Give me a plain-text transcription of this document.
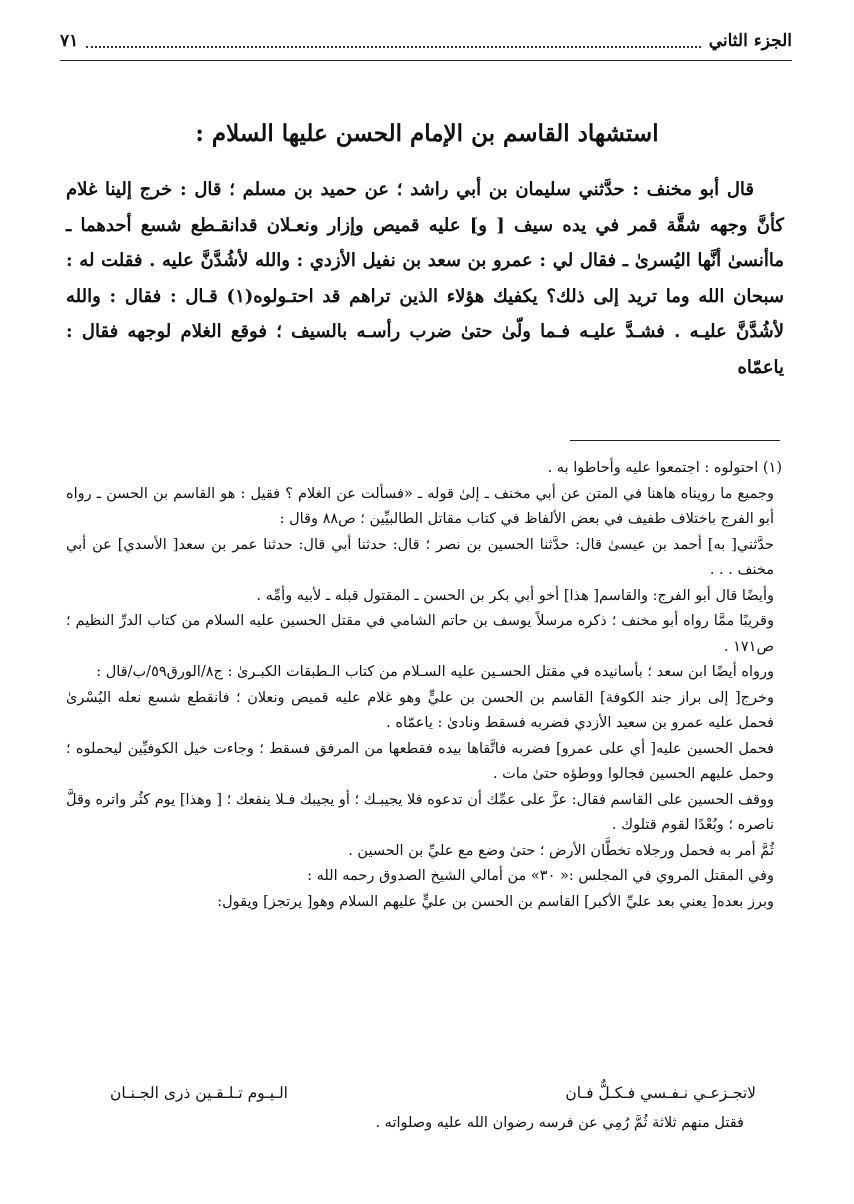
الجزء الثاني
٧١
استشهاد القاسم بن الإمام الحسن عليها السلام :

قال أبو مخنف : حدَّثني سليمان بن أبي راشد ؛ عن حميد بن مسلم ؛ قال : خرج إلينا غلام كأنَّ وجهه شقَّة قمر في يده سيف [ و] عليه قميص وإزار ونعـلان قدانقـطع شسع أحدهما ـ ماأنسىٰ أنَّها اليُسرىٰ ـ فقال لي : عمرو بن سعد بن نفيل الأزدي : والله لأشُدَّنَّ عليه . فقلت له : سبحان الله وما تريد إلى ذلك؟ يكفيك هؤلاء الذين تراهم قد احتـولوه(١) قـال : فقال : والله لأشُدَّنَّ عليـه . فشـدَّ عليـه فـما ولّىٰ حتىٰ ضرب رأسـه بالسيف ؛ فوقع الغلام لوجهه فقال : ياعمّاه

(١) احتولوه : اجتمعوا عليه وأحاطوا به .

وجميع ما رويناه هاهنا في المتن عن أبي مخنف ـ إلىٰ قوله ـ «فسألت عن الغلام ؟ فقيل : هو القاسم بن الحسن ـ رواه أبو الفرج باختلاف طفيف في بعض الألفاظ في كتاب مقاتل الطالبيِّين ؛ ص٨٨ وقال :

حدَّثني[ به] أحمد بن عيسىٰ قال: حدَّثنا الحسين بن نصر ؛ قال: حدثنا أبي قال: حدثنا عمر بن سعد[ الأسدي] عن أبي مخنف . . .

وأيضًا قال أبو الفرج: والقاسم[ هذا] أخو أبي بكر بن الحسن ـ المقتول قبله ـ لأبيه وأمِّه .

وقريبًا ممَّا رواه أبو مخنف ؛ ذكره مرسلاً يوسف بن حاتم الشامي في مقتل الحسين عليه السلام من كتاب الدرِّ النظيم ؛ ص١٧١ .

ورواه أيضًا ابن سعد ؛ بأسانيده في مقتل الحسـين عليه السـلام من كتاب الـطبقات الكبـرىٰ : ج٨/الورق٥٩/ب/قال :

وخرج[ إلى براز جند الكوفة] القاسم بن الحسن بن عليٍّ وهو غلام عليه قميص ونعلان ؛ فانقطع شسع نعله اليُسْرىٰ فحمل عليه عمرو بن سعيد الأزدي فضربه فسقط ونادىٰ : ياعمّاه .

فحمل الحسين عليه[ أي على عمرو] فضربه فاتَّقاها بيده فقطعها من المرفق فسقط ؛ وجاءت خيل الكوفيِّين ليحملوه ؛ وحمل عليهم الحسين فجالوا ووطؤه حتىٰ مات .

ووقف الحسين على القاسم فقال: عزَّ على عمِّك أن تدعوه فلا يجيبـك ؛ أو يجيبك فـلا ينفعك ؛ [ وهذا] يوم كثُر واتره وقلَّ ناصره ؛ وبُعْدًا لقوم قتلوك .

ثُمَّ أمر به فحمل ورجلاه تخطَّان الأرض ؛ حتىٰ وضع مع عليِّ بن الحسين .

وفي المقتل المروي في المجلس :« ٣٠» من أمالي الشيخ الصدوق رحمه الله :

وبرز بعده[ يعني بعد عليِّ الأكبر] القاسم بن الحسن بن عليٍّ عليهم السلام وهو[ يرتجز] ويقول:

لاتجـزعـي نـفـسي فـكـلٌّ فـان
الـيـوم تـلـقـين ذرى الجـنـان
فقتل منهم ثلاثة ثُمَّ رُمِي عن فرسه رضوان الله عليه وصلواته .
